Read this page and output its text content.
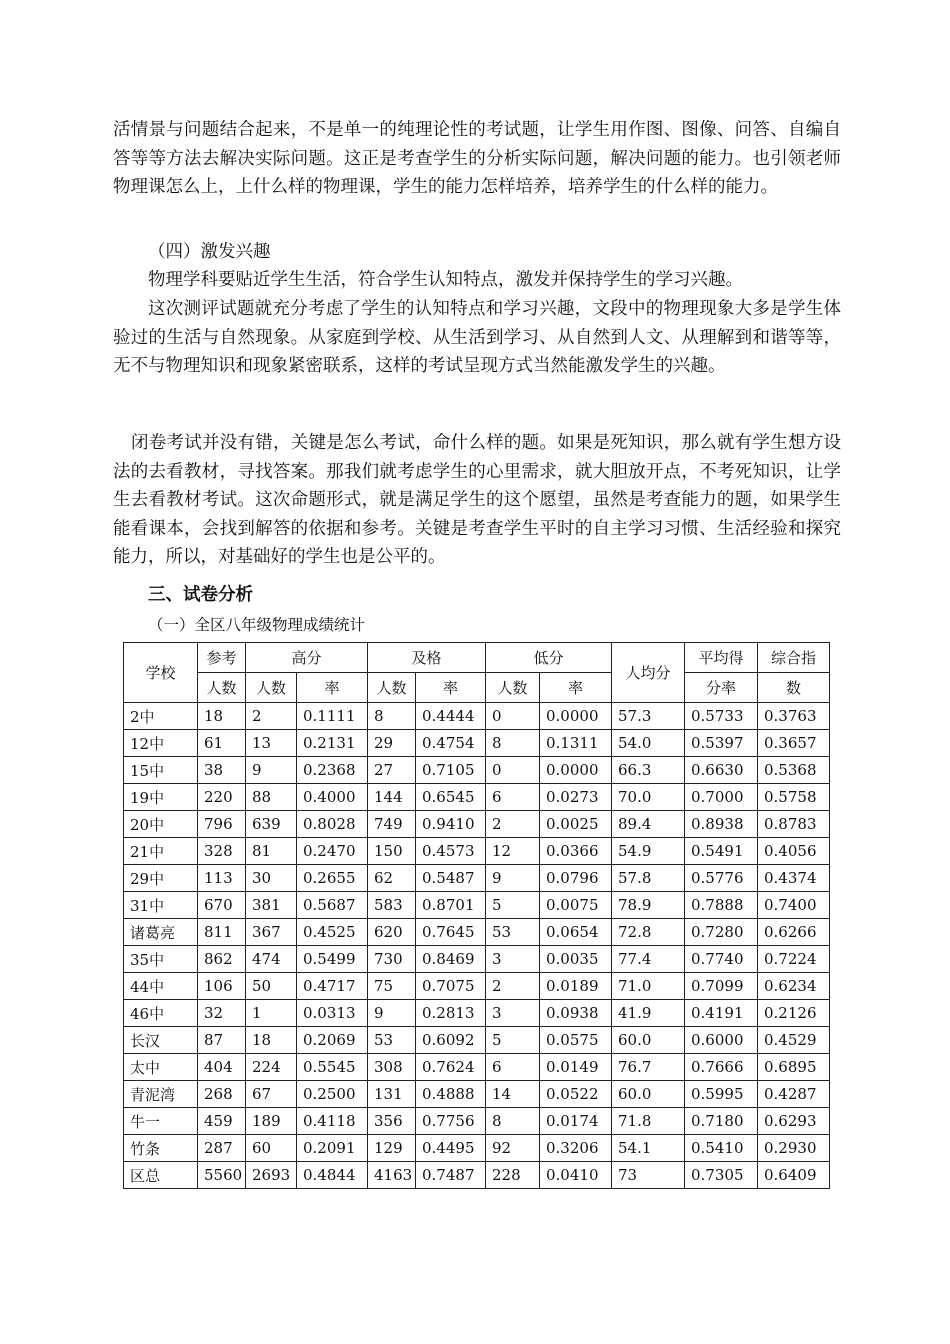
活情景与问题结合起来，不是单一的纯理论性的考试题，让学生用作图、图像、问答、自编自答等等方法去解决实际问题。这正是考查学生的分析实际问题，解决问题的能力。也引领老师物理课怎么上，上什么样的物理课，学生的能力怎样培养，培养学生的什么样的能力。

（四）激发兴趣

物理学科要贴近学生生活，符合学生认知特点，激发并保持学生的学习兴趣。

这次测评试题就充分考虑了学生的认知特点和学习兴趣，文段中的物理现象大多是学生体验过的生活与自然现象。从家庭到学校、从生活到学习、从自然到人文、从理解到和谐等等，无不与物理知识和现象紧密联系，这样的考试呈现方式当然能激发学生的兴趣。

闭卷考试并没有错，关键是怎么考试，命什么样的题。如果是死知识，那么就有学生想方设法的去看教材，寻找答案。那我们就考虑学生的心里需求，就大胆放开点，不考死知识，让学生去看教材考试。这次命题形式，就是满足学生的这个愿望，虽然是考查能力的题，如果学生能看课本，会找到解答的依据和参考。关键是考查学生平时的自主学习习惯、生活经验和探究能力，所以，对基础好的学生也是公平的。

三、试卷分析

（一）全区八年级物理成绩统计

学校	参考	高分		及格		低分		人均分	平均得	综合指
	人数	人数	率	人数	率	人数	率		分率	数
2中	18	2	0.1111	8	0.4444	0	0.0000	57.3	0.5733	0.3763
12中	61	13	0.2131	29	0.4754	8	0.1311	54.0	0.5397	0.3657
15中	38	9	0.2368	27	0.7105	0	0.0000	66.3	0.6630	0.5368
19中	220	88	0.4000	144	0.6545	6	0.0273	70.0	0.7000	0.5758
20中	796	639	0.8028	749	0.9410	2	0.0025	89.4	0.8938	0.8783
21中	328	81	0.2470	150	0.4573	12	0.0366	54.9	0.5491	0.4056
29中	113	30	0.2655	62	0.5487	9	0.0796	57.8	0.5776	0.4374
31中	670	381	0.5687	583	0.8701	5	0.0075	78.9	0.7888	0.7400
诸葛亮	811	367	0.4525	620	0.7645	53	0.0654	72.8	0.7280	0.6266
35中	862	474	0.5499	730	0.8469	3	0.0035	77.4	0.7740	0.7224
44中	106	50	0.4717	75	0.7075	2	0.0189	71.0	0.7099	0.6234
46中	32	1	0.0313	9	0.2813	3	0.0938	41.9	0.4191	0.2126
长汉	87	18	0.2069	53	0.6092	5	0.0575	60.0	0.6000	0.4529
太中	404	224	0.5545	308	0.7624	6	0.0149	76.7	0.7666	0.6895
青泥湾	268	67	0.2500	131	0.4888	14	0.0522	60.0	0.5995	0.4287
牛一	459	189	0.4118	356	0.7756	8	0.0174	71.8	0.7180	0.6293
竹条	287	60	0.2091	129	0.4495	92	0.3206	54.1	0.5410	0.2930
区总	5560	2693	0.4844	4163	0.7487	228	0.0410	73	0.7305	0.6409
